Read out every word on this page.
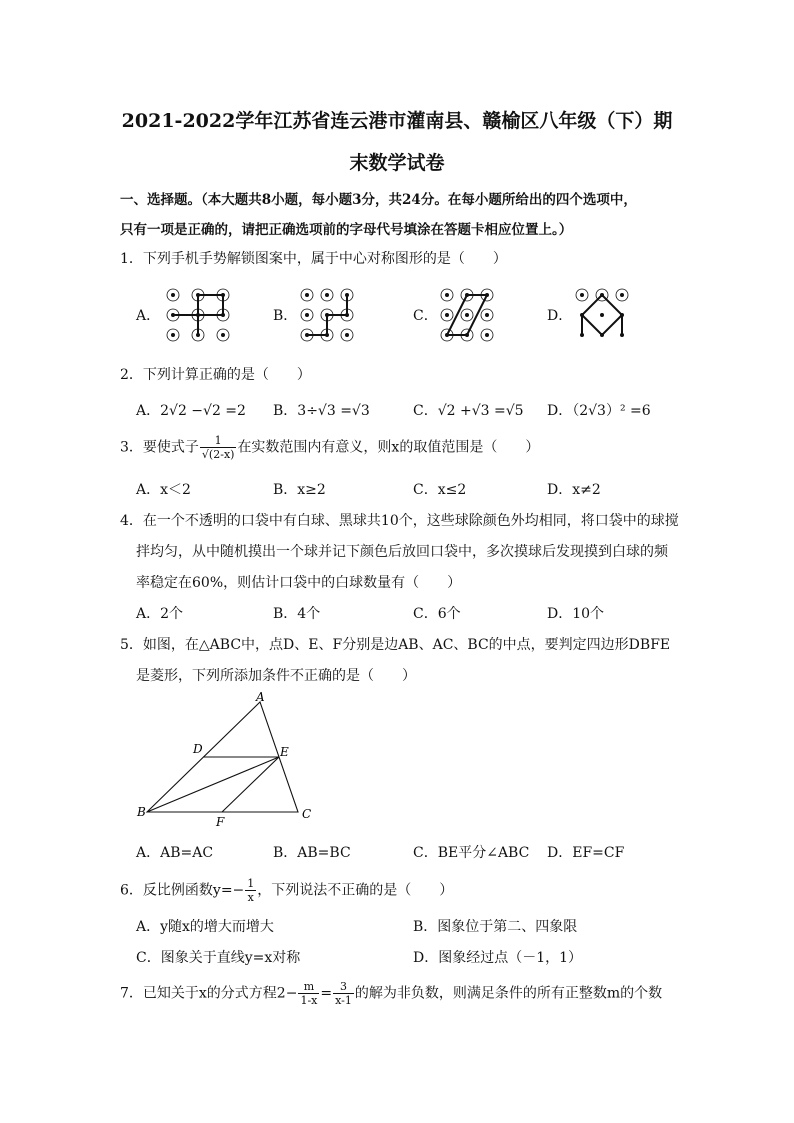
2021-2022学年江苏省连云港市灌南县、赣榆区八年级（下）期
末数学试卷
一、选择题。（本大题共8小题，每小题3分，共24分。在每小题所给出的四个选项中，
只有一项是正确的，请把正确选项前的字母代号填涂在答题卡相应位置上。）
1．下列手机手势解锁图案中，属于中心对称图形的是（　　）
A．	B．	C．	D．
2．下列计算正确的是（　　）
A．2√2 −√2 =2 B．3÷√3 =√3	C．√2 +√3 =√5 D．（2√3）² =6
3．要使式子 $\frac{1}{√(2-x)}$ 在实数范围内有意义，则x的取值范围是（　　）
A．x＜2	B．x≥2	C．x≤2	D．x≠2
4．在一个不透明的口袋中有白球、黑球共10个，这些球除颜色外均相同，将口袋中的球搅
拌均匀，从中随机摸出一个球并记下颜色后放回口袋中，多次摸球后发现摸到白球的频
率稳定在60%，则估计口袋中的白球数量有（　　）
A．2个	B．4个	C．6个	D．10个
5．如图，在△ABC中，点D、E、F分别是边AB、AC、BC的中点，要判定四边形DBFE
是菱形，下列所添加条件不正确的是（　　）
A
B	C
D	E
F
A．AB=AC	B．AB=BC	C．BE平分∠ABC D．EF=CF
6．反比例函数$y=- \frac{1}{x}$ ，下列说法不正确的是（　　）
A．y随x的增大而增大	B．图象位于第二、四象限
C．图象关于直线y=x对称	D．图象经过点（－1，1）
7．已知关于x的分式方程$2- \frac{m}{1-x} = \frac{3}{x-1}$ 的解为非负数，则满足条件的所有正整数m的个数
